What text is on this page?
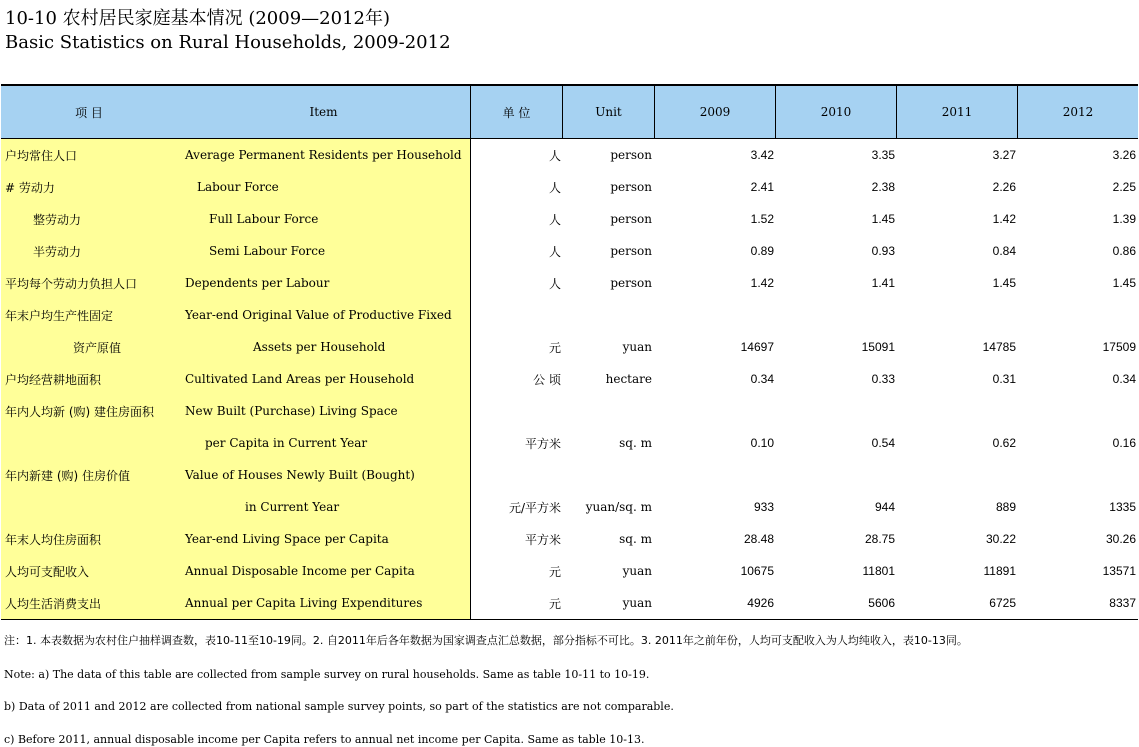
10-10 农村居民家庭基本情况 (2009—2012年)
Basic Statistics on Rural Households, 2009-2012
项 目	Item	单 位	Unit	2009	2010	2011	2012
户均常住人口	Average Permanent Residents per Household	人	person	3.42	3.35	3.27	3.26
# 劳动力	Labour Force	人	person	2.41	2.38	2.26	2.25
整劳动力	Full Labour Force	人	person	1.52	1.45	1.42	1.39
半劳动力	Semi Labour Force	人	person	0.89	0.93	0.84	0.86
平均每个劳动力负担人口	Dependents per Labour	人	person	1.42	1.41	1.45	1.45
年末户均生产性固定	Year-end Original Value of Productive Fixed
资产原值	Assets per Household	元	yuan	14697	15091	14785	17509
户均经营耕地面积	Cultivated Land Areas per Household	公 顷	hectare	0.34	0.33	0.31	0.34
年内人均新 (购) 建住房面积	New Built (Purchase) Living Space
per Capita in Current Year	平方米	sq. m	0.10	0.54	0.62	0.16
年内新建 (购) 住房价值	Value of Houses Newly Built (Bought)
in Current Year	元/平方米	yuan/sq. m	933	944	889	1335
年末人均住房面积	Year-end Living Space per Capita	平方米	sq. m	28.48	28.75	30.22	30.26
人均可支配收入	Annual Disposable Income per Capita	元	yuan	10675	11801	11891	13571
人均生活消费支出	Annual per Capita Living Expenditures	元	yuan	4926	5606	6725	8337
注：1. 本表数据为农村住户抽样调查数，表10-11至10-19同。2. 自2011年后各年数据为国家调查点汇总数据，部分指标不可比。3. 2011年之前年份，人均可支配收入为人均纯收入，表10-13同。
Note: a) The data of this table are collected from sample survey on rural households. Same as table 10-11 to 10-19.
b) Data of 2011 and 2012 are collected from national sample survey points, so part of the statistics are not comparable.
c) Before 2011, annual disposable income per Capita refers to annual net income per Capita. Same as table 10-13.
